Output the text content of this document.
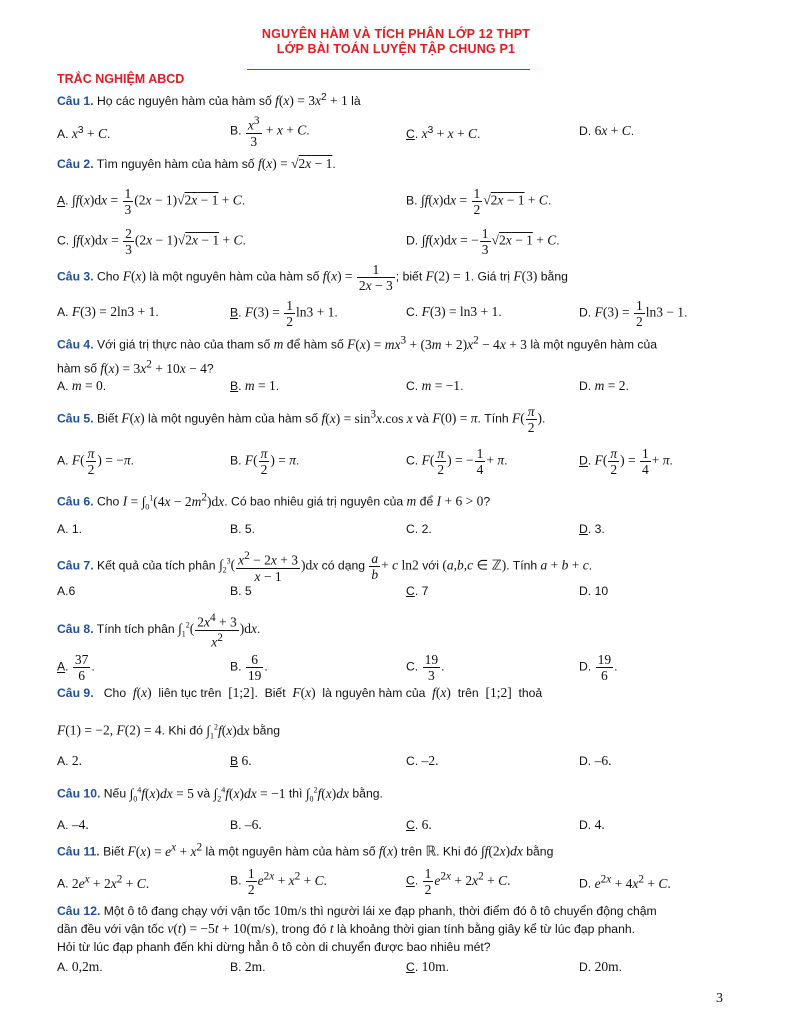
NGUYÊN HÀM VÀ TÍCH PHÂN LỚP 12 THPT
LỚP BÀI TOÁN LUYỆN TẬP CHUNG P1
TRẮC NGHIỆM ABCD
Câu 1. Họ các nguyên hàm của hàm số $f(x) = 3x^2 + 1$ là
A. $x^3 + C$.	B. $\frac{x^3}{3} + x + C$.	C. $x^3 + x + C$.	D. 6x + C.
Câu 2. Tìm nguyên hàm của hàm số f(x) = √2x − 1.
A. $\int f(x)dx = \frac{1}{3} (2x - 1)√2x - 1 + C$.	B. $\int f(x)dx = \frac{1}{2} √2x - 1 + C$.
C. $\int f(x)dx = \frac{2}{3} (2x - 1)√2x - 1 + C$.	D. ∫f(x)dx = − $\frac{1}{3} √2x - 1 + C$.
Câu 3. Cho F(x) là một nguyên hàm của hàm số $f(x) = \frac{1}{2x - 3}$ ; biết F(2) = 1. Giá trị F(3) bằng
A. F(3) = 2ln3 + 1.	B. $F(3) = \frac{1}{2} \ln 3 + 1$.	C. F(3) = ln3 + 1.	D. $F(3) = \frac{1}{2} \ln 3 - 1$.
Câu 4. Với giá trị thực nào của tham số m để hàm số $F(x) = mx^3 + (3m + 2)x^2 - 4x + 3$ là một nguyên hàm của
hàm số $f(x) = 3x^2 + 10x - 4$?
A. m = 0.	B. m = 1.	C. m = −1.	D. m = 2.
Câu 5. Biết F(x) là một nguyên hàm của hàm số $f(x) = \sin^3x.\cos$ x và F(0) = π. Tính $F( \frac{\pi}{2}$ ).
A. $F( \frac{\pi}{2}$ ) = −π.	B. $F( \frac{\pi}{2}$ ) = π.	C. $F( \frac{\pi}{2}$ ) = − $\frac{1}{4} + \pi$.	D. $F( \frac{\pi}{2}$ ) = $\frac{1}{4} + \pi$.
Câu 6. Cho $I = \int_0^1(4x - 2m^2)dx$. Có bao nhiêu giá trị nguyên của m để I + 6 > 0?
A. 1.	B. 5.	C. 2.	D. 3.
Câu 7. Kết quả của tích phân $\int_2^3( \frac{x^2 - 2x + 3}{x - 1} )dx$ có dạng $\frac{a}{b} + c$ ln2 với (a,b,c ∈ ℤ). Tính a + b + c.
A.6	B. 5	C. 7	D. 10
Câu 8. Tính tích phân $\int_1^2( \frac{2x^4 + 3}{x^2} )dx$.
A. $\frac{37}{6}$ .	B. $\frac{6}{19}$ .	C. $\frac{19}{3}$ .	D. $\frac{19}{6}$ .
Câu 9.   Cho  f(x)  liên tục trên  [1;2].  Biết  F(x)  là nguyên hàm của  f(x)  trên  [1;2]  thoả
F(1) = −2, F(2) = 4. Khi đó $\int_1^2f(x)dx$ bằng
A. 2.	B 6.	C. –2.	D. –6.
Câu 10. Nếu $\int_0^4f(x)dx = 5$ và $\int_2^4f(x)dx = -1$ thì $\int_0^2f(x)dx$ bằng.
A. –4.	B. –6.	C. 6.	D. 4.
Câu 11. Biết $F(x) = e^x + x^2$ là một nguyên hàm của hàm số f(x) trên ℝ. Khi đó ∫f(2x)dx bằng
A. $2e^x + 2x^2 + C$.	B. $\frac{1}{2} e^{2x} + x^2 + C$.	C. $\frac{1}{2} e^{2x} + 2x^2 + C$.	D. $e^{2x} + 4x^2 + C$.
Câu 12. Một ô tô đang chạy với vận tốc 10m/s thì người lái xe đạp phanh, thời điểm đó ô tô chuyển động chậm
dần đều với vận tốc v(t) = −5t + 10(m/s), trong đó t là khoảng thời gian tính bằng giây kể từ lúc đạp phanh.
Hỏi từ lúc đạp phanh đến khi dừng hẳn ô tô còn di chuyển được bao nhiêu mét?
A. 0,2m.	B. 2m.	C. 10m.	D. 20m.
3
